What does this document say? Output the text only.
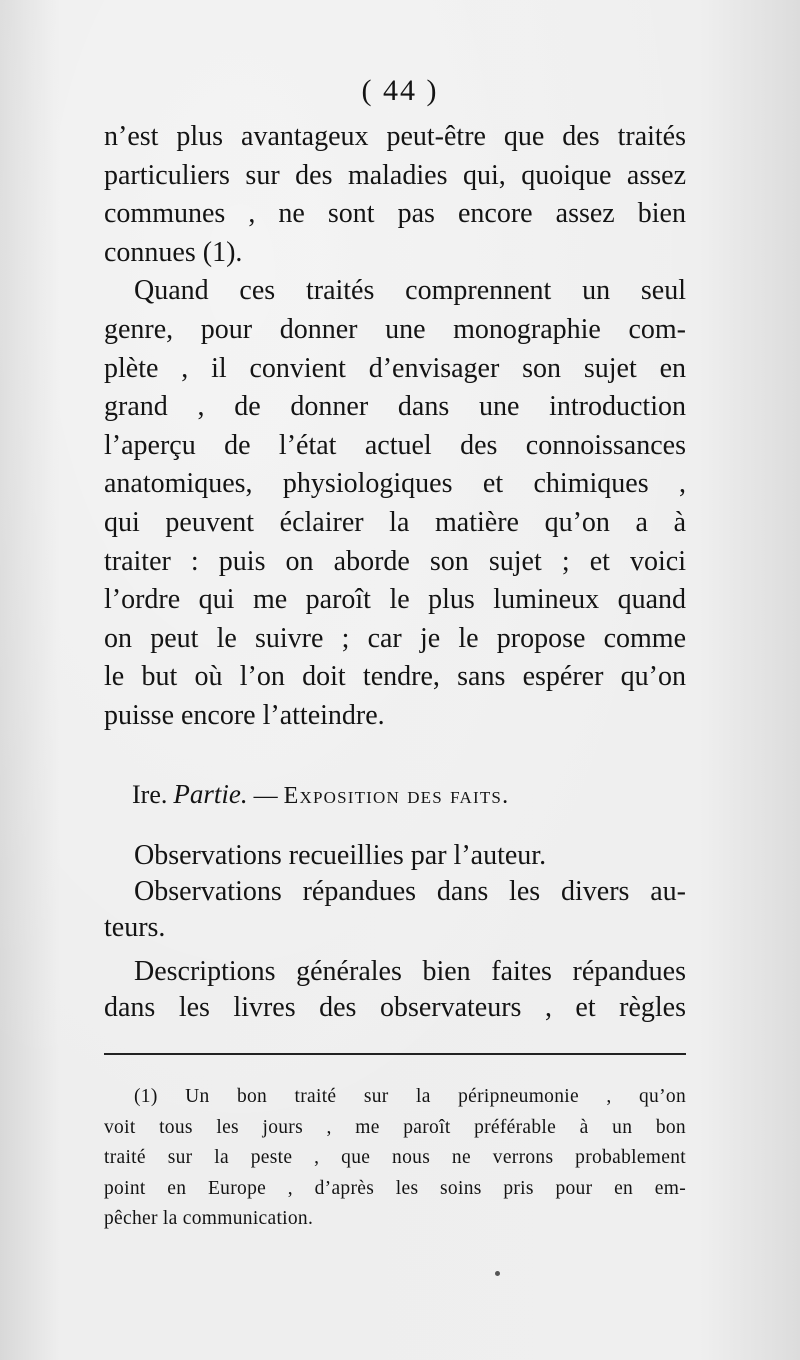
( 44 )
n’est plus avantageux peut-être que des traités
particuliers sur des maladies qui, quoique assez
communes , ne sont pas encore assez bien
connues (1).
Quand ces traités comprennent un seul
genre, pour donner une monographie com-
plète , il convient d’envisager son sujet en
grand , de donner dans une introduction
l’aperçu de l’état actuel des connoissances
anatomiques, physiologiques et chimiques ,
qui peuvent éclairer la matière qu’on a à
traiter : puis on aborde son sujet ; et voici
l’ordre qui me paroît le plus lumineux quand
on peut le suivre ; car je le propose comme
le but où l’on doit tendre, sans espérer qu’on
puisse encore l’atteindre.
Ire. Partie. — Exposition des faits.
Observations recueillies par l’auteur.
Observations répandues dans les divers au-
teurs.
Descriptions générales bien faites répandues
dans les livres des observateurs , et règles
(1) Un bon traité sur la péripneumonie , qu’on
voit tous les jours , me paroît préférable à un bon
traité sur la peste , que nous ne verrons probablement
point en Europe , d’après les soins pris pour en em-
pêcher la communication.
